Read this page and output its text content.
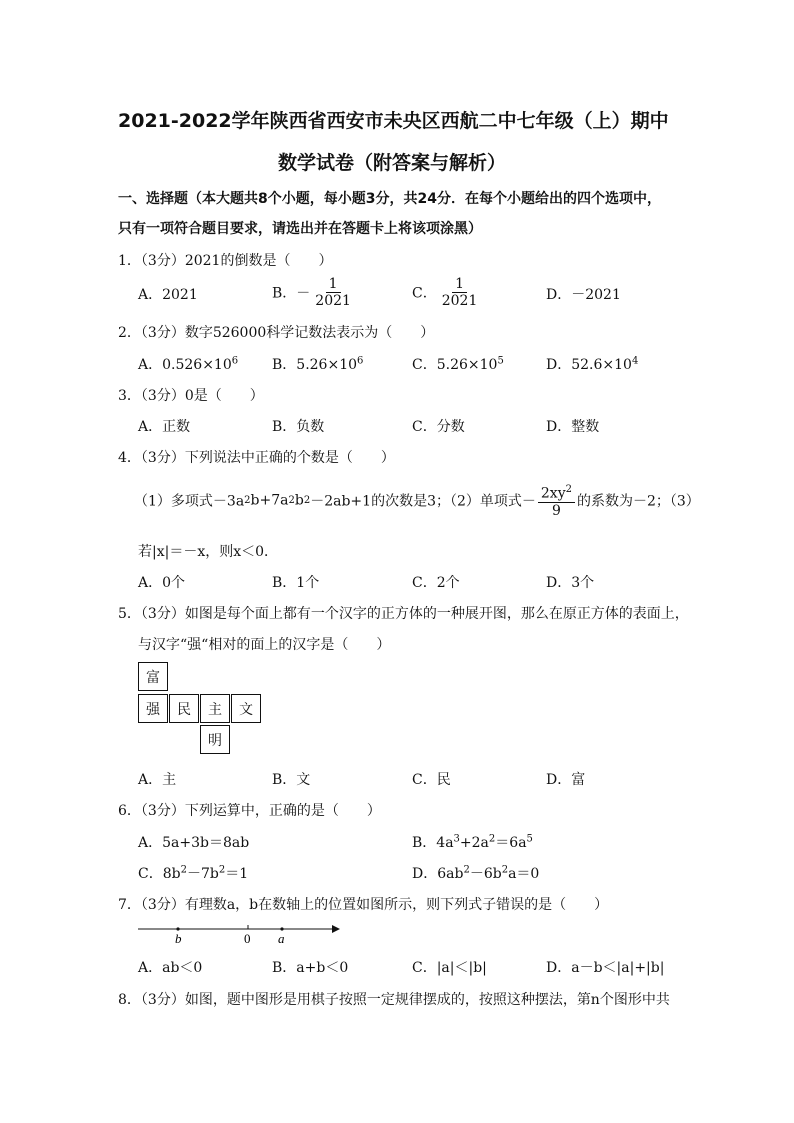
2021-2022学年陕西省西安市未央区西航二中七年级（上）期中
数学试卷（附答案与解析）
一、选择题（本大题共8个小题，每小题3分，共24分．在每个小题给出的四个选项中，
只有一项符合题目要求，请选出并在答题卡上将该项涂黑）
1．（3分）2021的倒数是（　　）
A．2021	B．－ $\frac{1}{2021}$	C． $\frac{1}{2021}$	D．－2021
2．（3分）数字526000科学记数法表示为（　　）
A．$0.526\times 10^6$ B．$5.26\times 10^6$	C．$5.26\times 10^5$	D．$52.6\times 10^4$
3．（3分）0是（　　）
A．正数	B．负数	C．分数	D．整数
4．（3分）下列说法中正确的个数是（　　）
（1）多项式－3a2b+7a2b2－2ab+1的次数是3；（2）单项式－ $\frac{2xy^2}{9}$ 的系数为－2；（3）
若|x|＝－x，则x＜0．
A．0个	B．1个	C．2个	D．3个
5．（3分）如图是每个面上都有一个汉字的正方体的一种展开图，那么在原正方体的表面上，
与汉字“强“相对的面上的汉字是（　　）
富
强	民	主	文
明
A．主	B．文	C．民	D．富
6．（3分）下列运算中，正确的是（　　）
A．5a+3b＝8ab	B．$4a^3+2a^2=6a^5$
C．$8b^2-7b^2=1$	D．$6ab^2-6b^2a=0$
7．（3分）有理数a，b在数轴上的位置如图所示，则下列式子错误的是（　　）
b	0 a
A．ab＜0	B．a+b＜0	C．|a|＜|b|	D．a－b＜|a|+|b|
8．（3分）如图，题中图形是用棋子按照一定规律摆成的，按照这种摆法，第n个图形中共
